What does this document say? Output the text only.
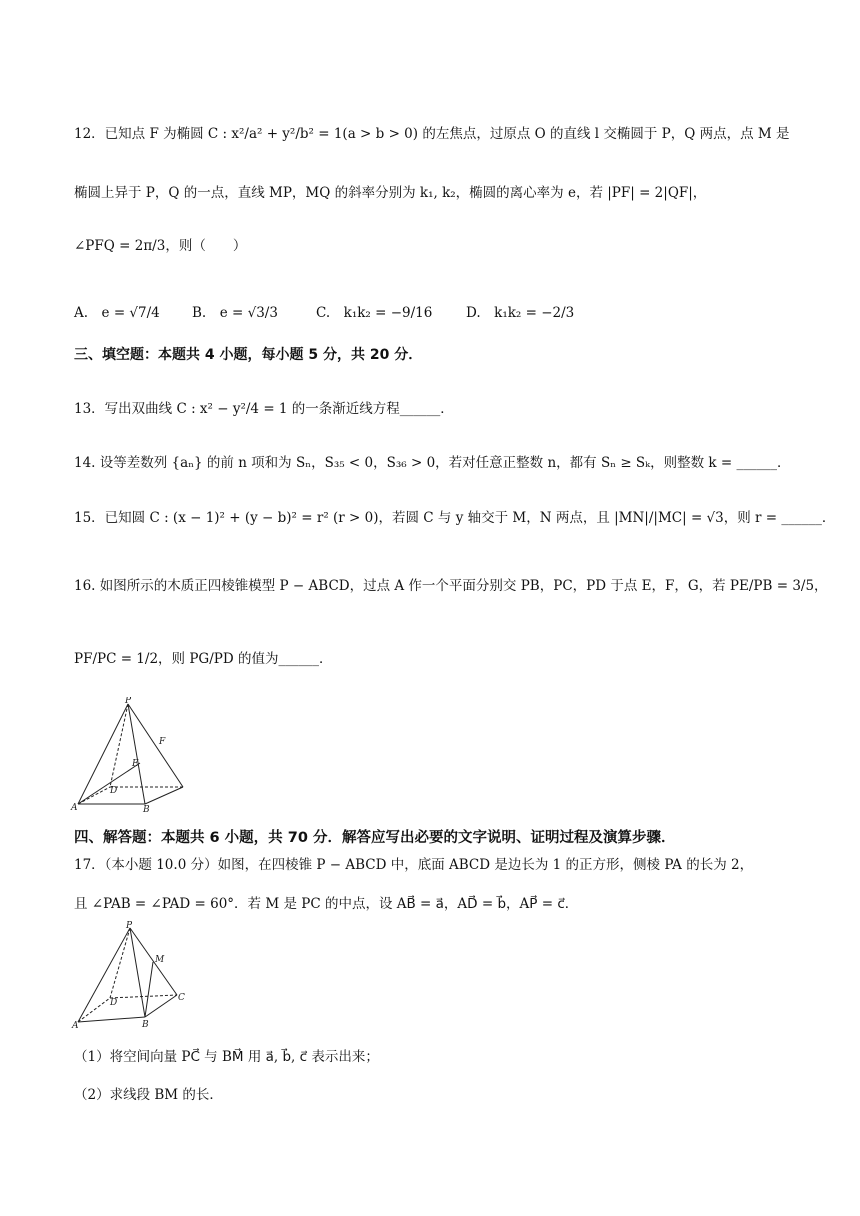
12．已知点 F 为椭圆 C : x²/a² + y²/b² = 1(a > b > 0) 的左焦点，过原点 O 的直线 l 交椭圆于 P，Q 两点，点 M 是
椭圆上异于 P，Q 的一点，直线 MP，MQ 的斜率分别为 k₁, k₂，椭圆的离心率为 e，若 |PF| = 2|QF|，
∠PFQ = 2π/3，则（　　）
A.　e = √7/4 B.　e = √3/3	C.　k₁k₂ = −9/16 D.　k₁k₂ = −2/3
三、填空题：本题共 4 小题，每小题 5 分，共 20 分．
13．写出双曲线 C : x² − y²/4 = 1 的一条渐近线方程______．
14. 设等差数列 {aₙ} 的前 n 项和为 Sₙ，S₃₅ < 0，S₃₆ > 0，若对任意正整数 n，都有 Sₙ ≥ Sₖ，则整数 k = ______．
15．已知圆 C : (x − 1)² + (y − b)² = r² (r > 0)，若圆 C 与 y 轴交于 M，N 两点，且 |MN|/|MC| = √3，则 r = ______．
16. 如图所示的木质正四棱锥模型 P − ABCD，过点 A 作一个平面分别交 PB，PC，PD 于点 E，F，G，若 PE/PB = 3/5，
PF/PC = 1/2，则 PG/PD 的值为______．
P
F
E
D
A	B
四、解答题：本题共 6 小题，共 70 分．解答应写出必要的文字说明、证明过程及演算步骤．
17．（本小题 10.0 分）如图，在四棱锥 P − ABCD 中，底面 ABCD 是边长为 1 的正方形，侧棱 PA 的长为 2，
且 ∠PAB = ∠PAD = 60°．若 M 是 PC 的中点，设 AB⃗ = a⃗，AD⃗ = b⃗，AP⃗ = c⃗．
P
M
D	C
A	B
（1）将空间向量 PC⃗ 与 BM⃗ 用 a⃗, b⃗, c⃗ 表示出来；
（2）求线段 BM 的长．
